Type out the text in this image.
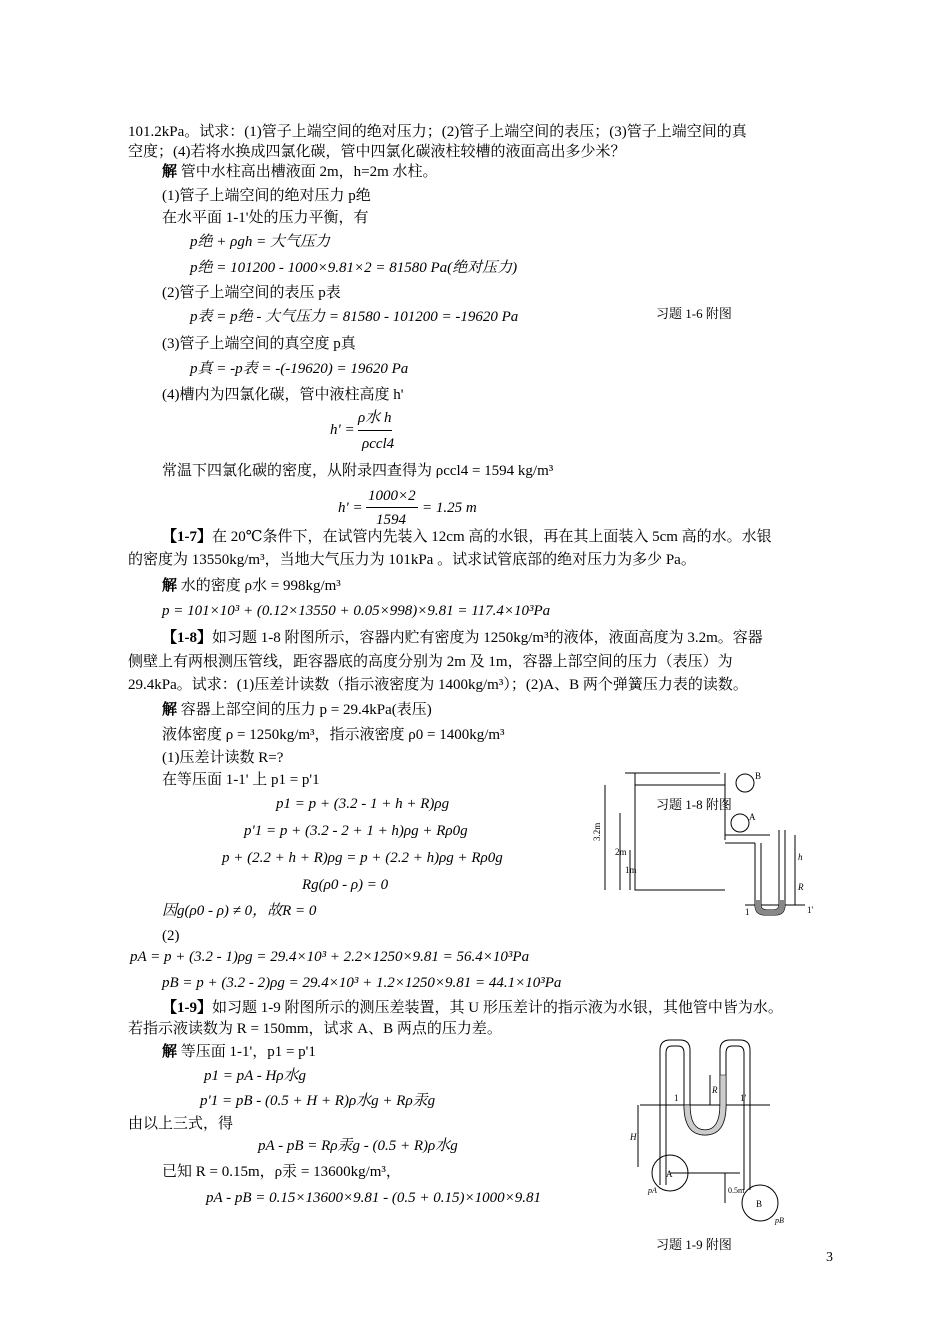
101.2kPa。试求：(1)管子上端空间的绝对压力；(2)管子上端空间的表压；(3)管子上端空间的真
空度；(4)若将水换成四氯化碳，管中四氯化碳液柱较槽的液面高出多少米？
解 管中水柱高出槽液面 2m，h=2m 水柱。
(1)管子上端空间的绝对压力 p绝
在水平面 1-1'处的压力平衡，有
p绝 + ρgh = 大气压力
p绝 = 101200 - 1000×9.81×2 = 81580 Pa(绝对压力)
(2)管子上端空间的表压 p表
p表 = p绝 - 大气压力 = 81580 - 101200 = -19620 Pa	习题 1-6 附图
(3)管子上端空间的真空度 p真
p真 = -p表 = -(-19620) = 19620 Pa
(4)槽内为四氯化碳，管中液柱高度 h'
ρ水 h
h' =
ρccl4
常温下四氯化碳的密度，从附录四查得为 ρccl4 = 1594 kg/m³
1000×2
h' =	= 1.25 m
1594
【1-7】在 20℃条件下，在试管内先装入 12cm 高的水银，再在其上面装入 5cm 高的水。水银
的密度为 13550kg/m³，当地大气压力为 101kPa 。试求试管底部的绝对压力为多少 Pa。
解 水的密度 ρ水 = 998kg/m³
p = 101×10³ + (0.12×13550 + 0.05×998)×9.81 = 117.4×10³Pa
【1-8】如习题 1-8 附图所示，容器内贮有密度为 1250kg/m³的液体，液面高度为 3.2m。容器
侧壁上有两根测压管线，距容器底的高度分别为 2m 及 1m，容器上部空间的压力（表压）为
29.4kPa。试求：(1)压差计读数（指示液密度为 1400kg/m³）；(2)A、B 两个弹簧压力表的读数。
解 容器上部空间的压力 p = 29.4kPa(表压)
液体密度 ρ = 1250kg/m³，指示液密度 ρ0 = 1400kg/m³
(1)压差计读数 R=?
在等压面 1-1' 上 p1 = p'1
p1 = p + (3.2 - 1 + h + R)ρg
p'1 = p + (3.2 - 2 + 1 + h)ρg + Rρ0g
p + (2.2 + h + R)ρg = p + (2.2 + h)ρg + Rρ0g
Rg(ρ0 - ρ) = 0
因g(ρ0 - ρ) ≠ 0，故R = 0
(2)
pA = p + (3.2 - 1)ρg = 29.4×10³ + 2.2×1250×9.81 = 56.4×10³Pa
pB = p + (3.2 - 2)ρg = 29.4×10³ + 1.2×1250×9.81 = 44.1×10³Pa
【1-9】如习题 1-9 附图所示的测压差装置，其 U 形压差计的指示液为水银，其他管中皆为水。
若指示液读数为 R = 150mm，试求 A、B 两点的压力差。
解 等压面 1-1'，p1 = p'1
p1 = pA - Hρ水g
p'1 = pB - (0.5 + H + R)ρ水g + Rρ汞g
由以上三式，得
pA - pB = Rρ汞g - (0.5 + R)ρ水g
已知 R = 0.15m，ρ汞 = 13600kg/m³，
pA - pB = 0.15×13600×9.81 - (0.5 + 0.15)×1000×9.81
3.2m
2m
1m
h
R
1	1'
B
A
习题 1-8 附图
R
1	1'
H
0.5m
A
B
pA
pB
习题 1-9 附图
3
